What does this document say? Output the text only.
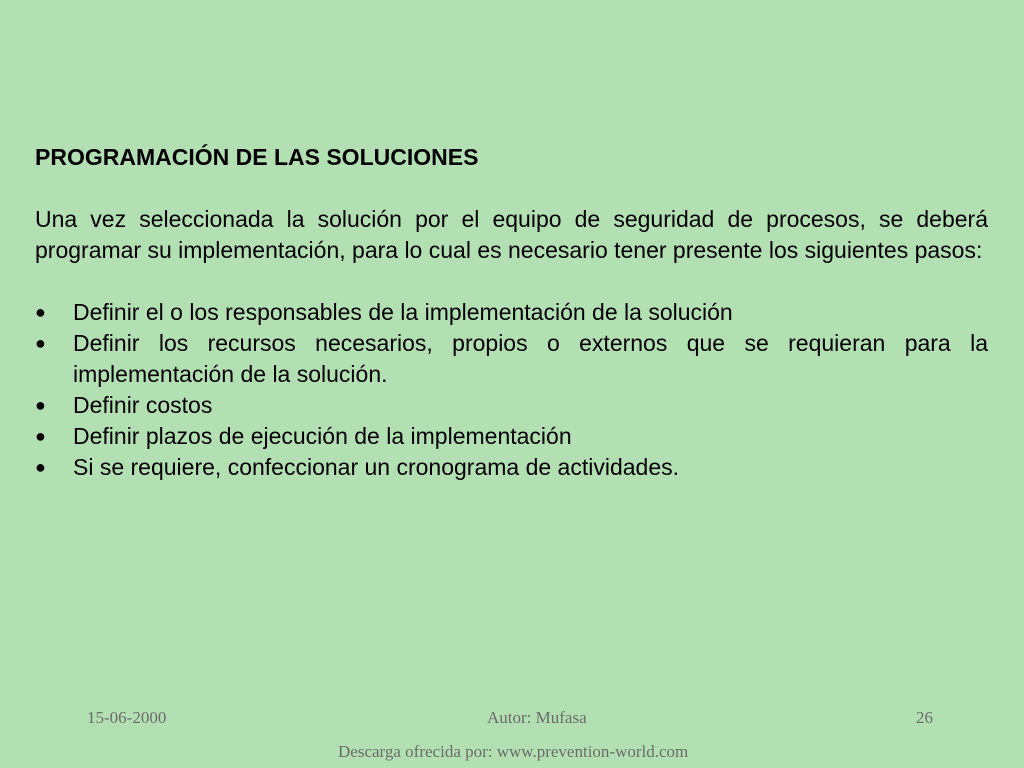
PROGRAMACIÓN DE LAS SOLUCIONES
Una vez seleccionada la solución por el equipo de seguridad de procesos, se deberá programar su implementación, para lo cual es necesario tener presente los siguientes pasos:
● Definir el o los responsables de la implementación de la solución
● Definir los recursos necesarios, propios o externos que se requieran para la implementación de la solución.
● Definir costos
● Definir plazos de ejecución de la implementación
● Si se requiere, confeccionar un cronograma de actividades.
15-06-2000	Autor: Mufasa	26
Descarga ofrecida por: www.prevention-world.com
